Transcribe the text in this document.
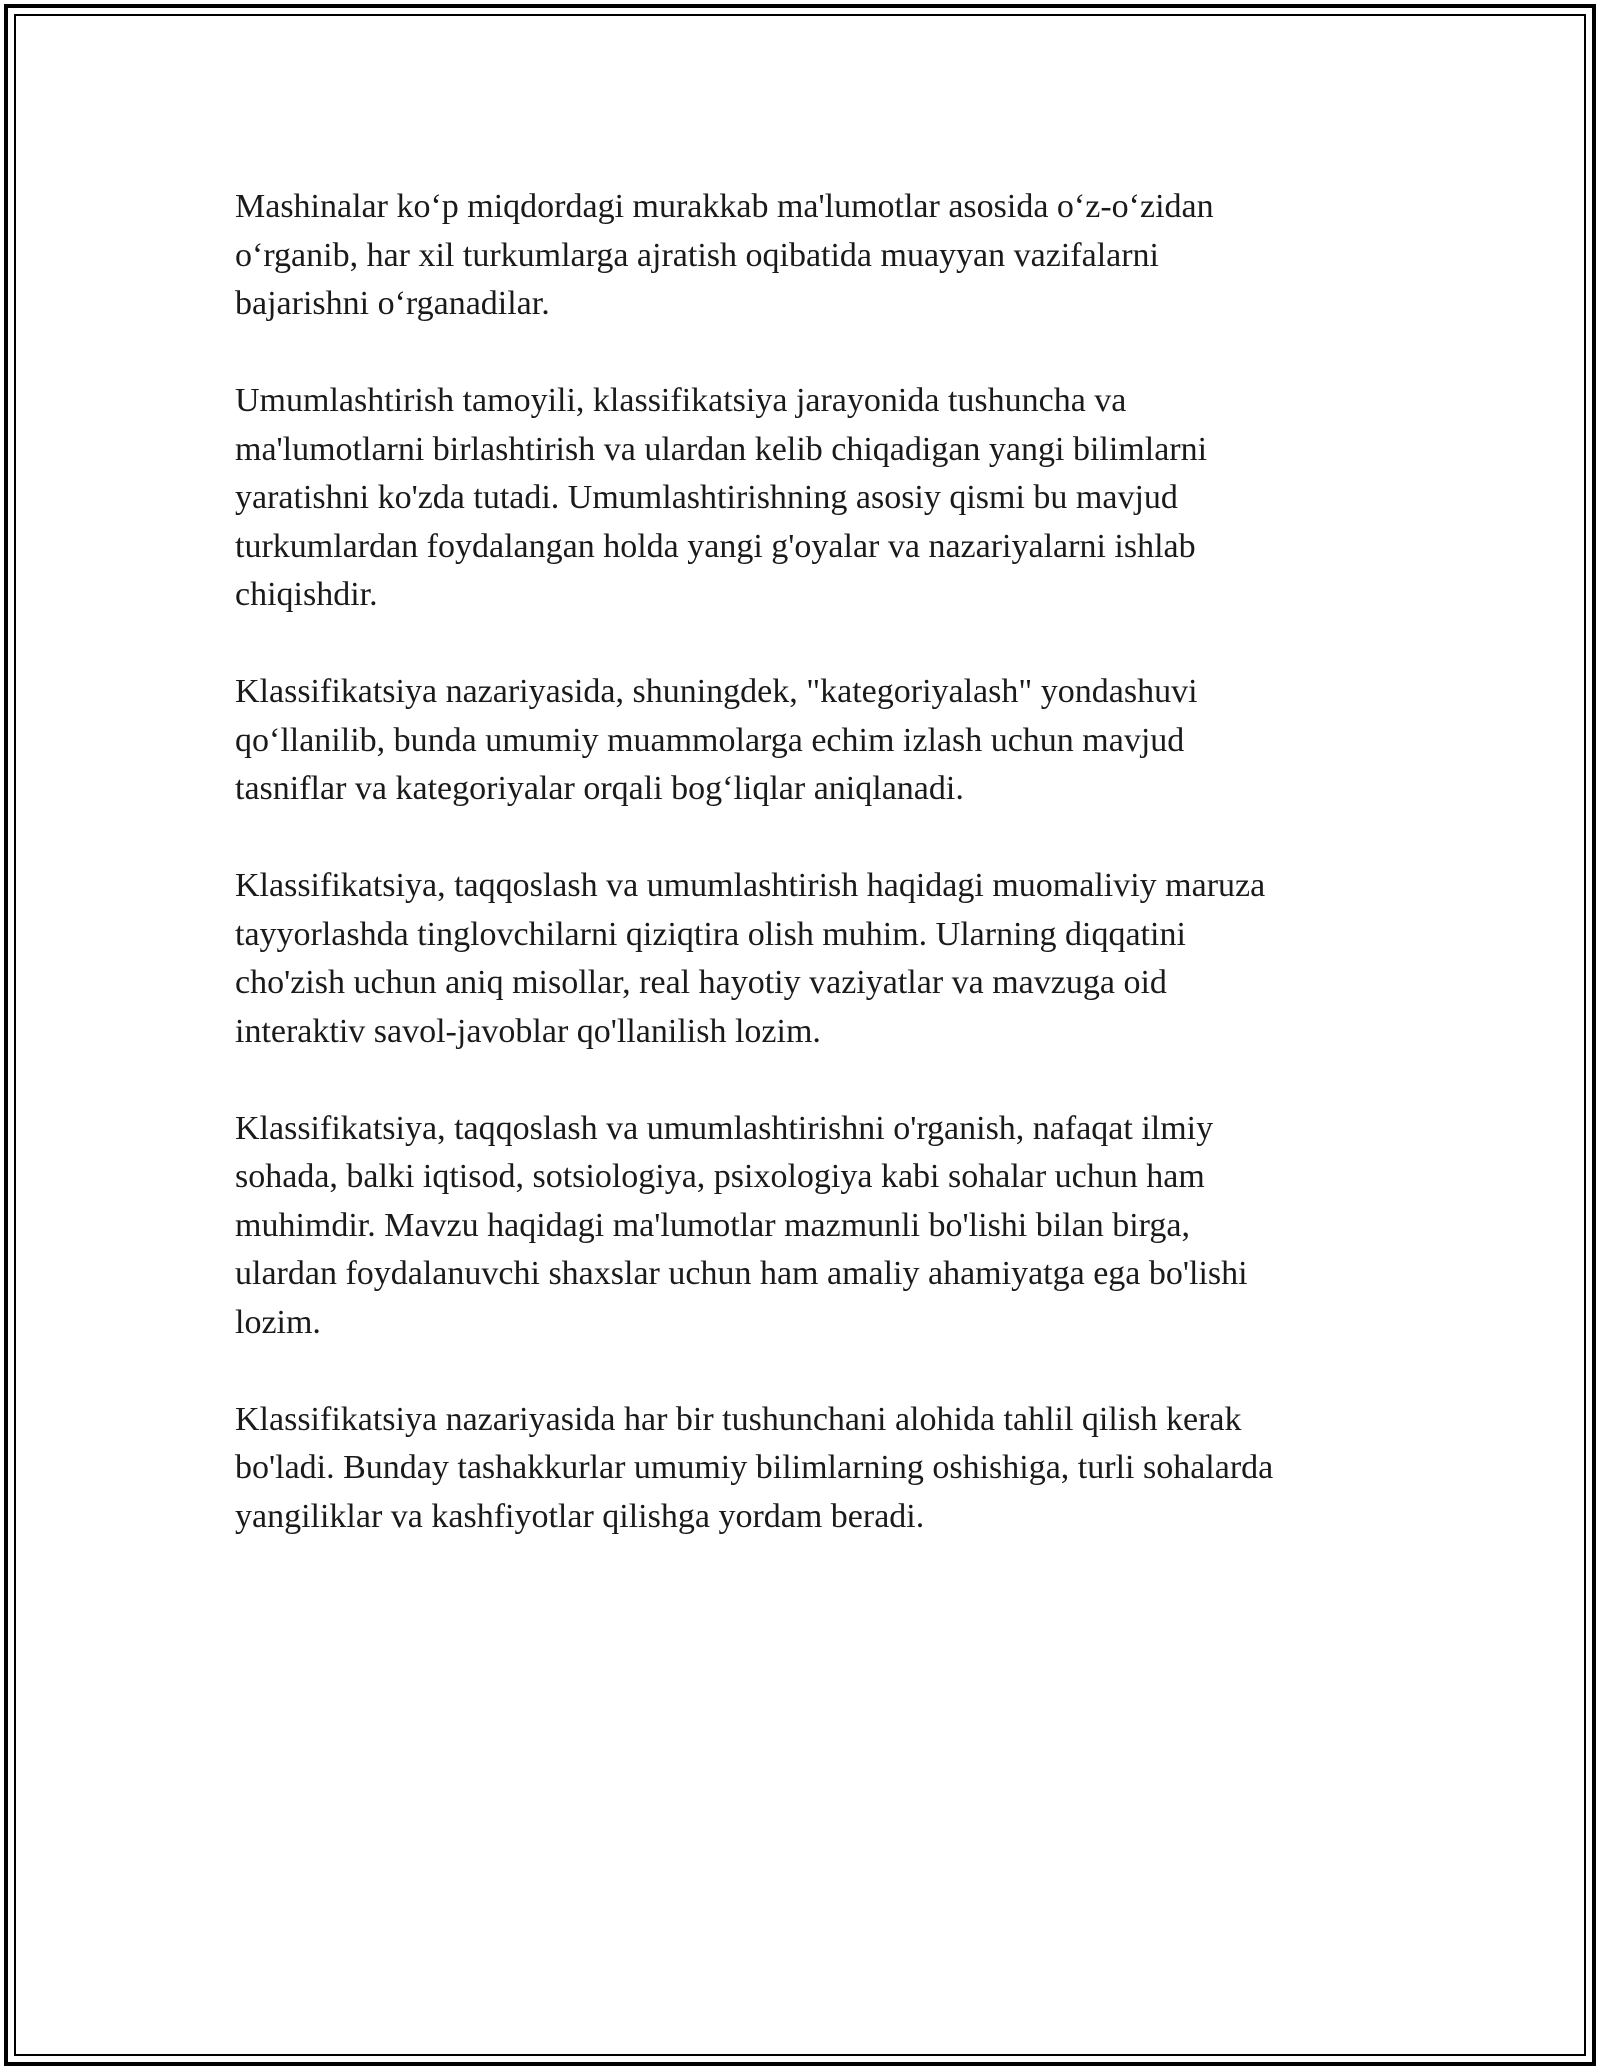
Mashinalar ko‘p miqdordagi murakkab ma'lumotlar asosida o‘z-o‘zidan
o‘rganib, har xil turkumlarga ajratish oqibatida muayyan vazifalarni
bajarishni o‘rganadilar.

Umumlashtirish tamoyili, klassifikatsiya jarayonida tushuncha va
ma'lumotlarni birlashtirish va ulardan kelib chiqadigan yangi bilimlarni
yaratishni ko'zda tutadi. Umumlashtirishning asosiy qismi bu mavjud
turkumlardan foydalangan holda yangi g'oyalar va nazariyalarni ishlab
chiqishdir.

Klassifikatsiya nazariyasida, shuningdek, "kategoriyalash" yondashuvi
qo‘llanilib, bunda umumiy muammolarga echim izlash uchun mavjud
tasniflar va kategoriyalar orqali bog‘liqlar aniqlanadi.

Klassifikatsiya, taqqoslash va umumlashtirish haqidagi muomaliviy maruza
tayyorlashda tinglovchilarni qiziqtira olish muhim. Ularning diqqatini
cho'zish uchun aniq misollar, real hayotiy vaziyatlar va mavzuga oid
interaktiv savol-javoblar qo'llanilish lozim.

Klassifikatsiya, taqqoslash va umumlashtirishni o'rganish, nafaqat ilmiy
sohada, balki iqtisod, sotsiologiya, psixologiya kabi sohalar uchun ham
muhimdir. Mavzu haqidagi ma'lumotlar mazmunli bo'lishi bilan birga,
ulardan foydalanuvchi shaxslar uchun ham amaliy ahamiyatga ega bo'lishi
lozim.

Klassifikatsiya nazariyasida har bir tushunchani alohida tahlil qilish kerak
bo'ladi. Bunday tashakkurlar umumiy bilimlarning oshishiga, turli sohalarda
yangiliklar va kashfiyotlar qilishga yordam beradi.
